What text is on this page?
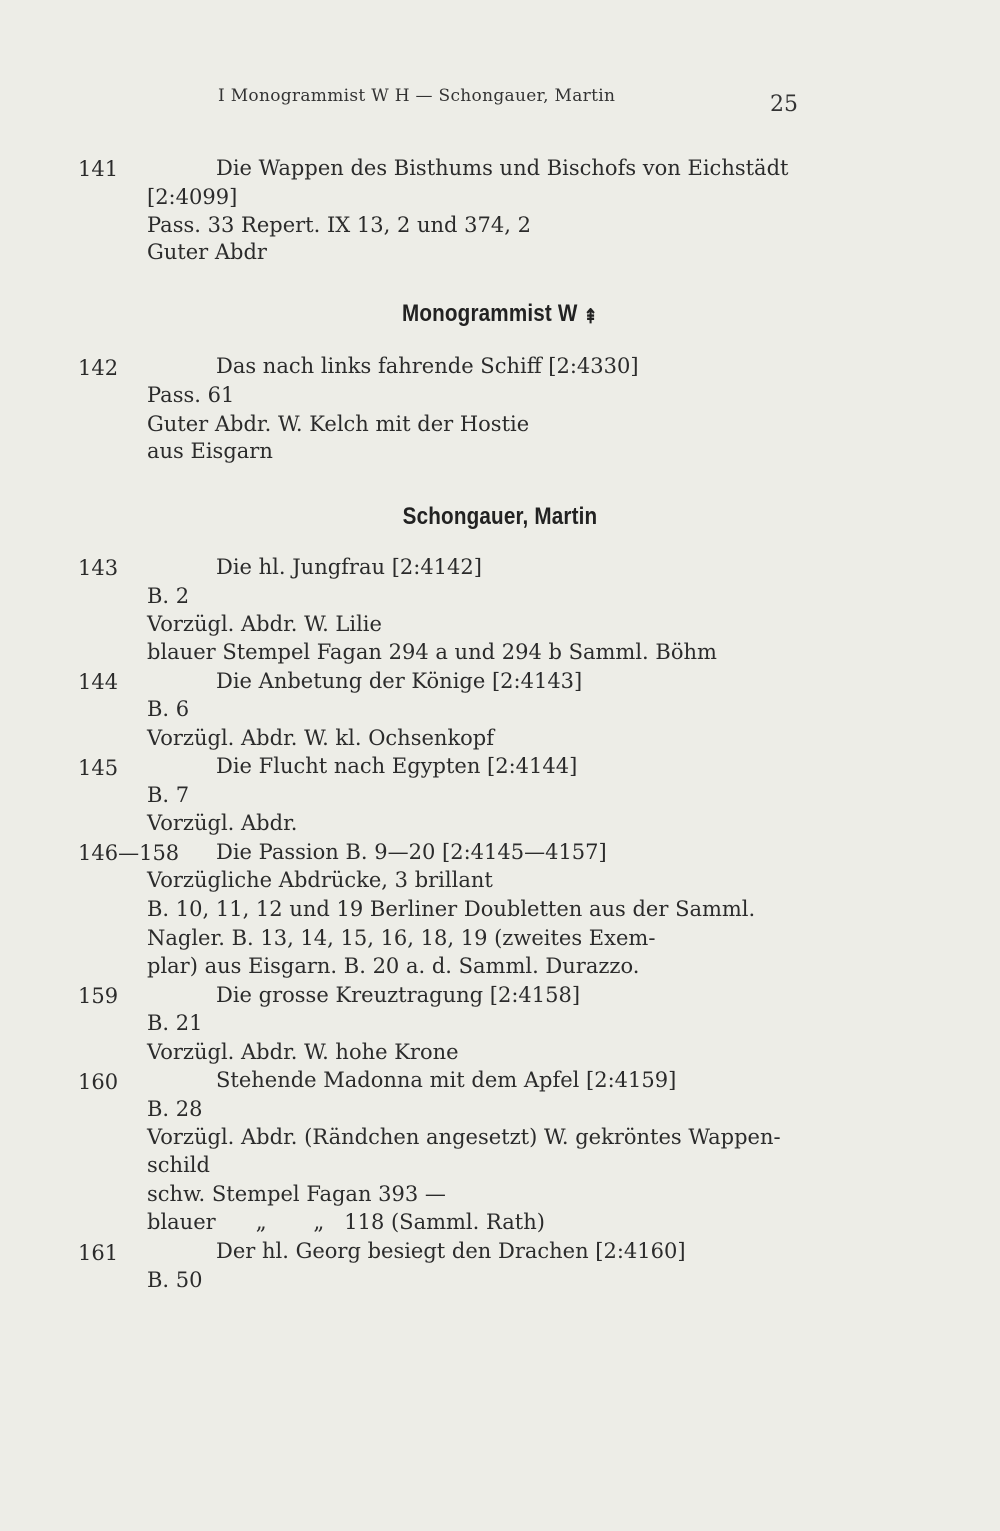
I Monogrammist W H — Schongauer, Martin	25
141	Die Wappen des Bisthums und Bischofs von Eichstädt
[2:4099]
Pass. 33 Repert. IX 13, 2 und 374, 2
Guter Abdr
Monogrammist W ⇞
142	Das nach links fahrende Schiff [2:4330]
Pass. 61
Guter Abdr. W. Kelch mit der Hostie
aus Eisgarn
Schongauer, Martin
143	Die hl. Jungfrau [2:4142]
B. 2
Vorzügl. Abdr. W. Lilie
blauer Stempel Fagan 294 a und 294 b Samml. Böhm
144	Die Anbetung der Könige [2:4143]
B. 6
Vorzügl. Abdr. W. kl. Ochsenkopf
145	Die Flucht nach Egypten [2:4144]
B. 7
Vorzügl. Abdr.
146—158 Die Passion B. 9—20 [2:4145—4157]
Vorzügliche Abdrücke, 3 brillant
B. 10, 11, 12 und 19 Berliner Doubletten aus der Samml.
Nagler. B. 13, 14, 15, 16, 18, 19 (zweites Exem-
plar) aus Eisgarn. B. 20 a. d. Samml. Durazzo.
159	Die grosse Kreuztragung [2:4158]
B. 21
Vorzügl. Abdr. W. hohe Krone
160	Stehende Madonna mit dem Apfel [2:4159]
B. 28
Vorzügl. Abdr. (Rändchen angesetzt) W. gekröntes Wappen-
schild
schw. Stempel Fagan 393 —
blauer      „       „   118 (Samml. Rath)
161	Der hl. Georg besiegt den Drachen [2:4160]
B. 50
